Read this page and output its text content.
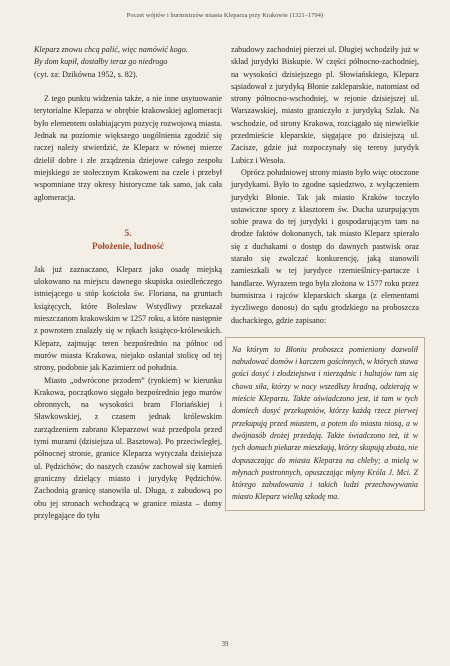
Poczet wójtów i burmistrzów miasta Kleparza przy Krakowie (1321–1794)

Kleparz znowu chcą palić, więc namówić kogo.

By dom kupił, dostałby teraz go niedrogo

(cyt. za: Dzikówna 1952, s. 82).

Z tego punktu widzenia także, a nie inne usytuowanie terytorialne Kleparza w obrębie krakowskiej aglomeracji było elementem osłabiającym pozycję rozwojową miasta. Jednak na poziomie większego uogólnienia zgodzić się raczej należy stwierdzić, że Kleparz w równej mierze dzielił dobre i złe zrządzenia dziejowe całego zespołu miejskiego ze stołecznym Krakowem na czele i przebył wspomniane trzy okresy historyczne tak samo, jak cała aglomeracja.

5.
Położenie, ludność

Jak już zaznaczano, Kleparz jako osadę miejską ulokowano na miejscu dawnego skupiska osiedleńczego istniejącego u stóp kościoła św. Floriana, na gruntach książęcych, które Bolesław Wstydliwy przekazał mieszczanom krakowskim w 1257 roku, a które następnie z powrotem znalazły się w rękach książęco-królewskich. Kleparz, zajmując teren bezpośrednio na północ od murów miasta Krakowa, niejako osłaniał stolicę od tej strony, podobnie jak Kazimierz od południa.

Miasto „odwrócone przodem” (rynkiem) w kierunku Krakowa, początkowo sięgało bezpośrednio jego murów obronnych, na wysokości bram Floriańskiej i Sławkowskiej, z czasem jednak królewskim zarządzeniem zabrano Kleparzowi waż przedpola przed tymi murami (dzisiejsza ul. Basztowa). Po przeciwległej, północnej stronie, granice Kleparza wytyczała dzisiejsza ul. Pędzichów; do naszych czasów zachował się kamień graniczny dzielący miasto i jurydykę Pędzichów. Zachodnią granicę stanowiła ul. Długa, z zabudową po obu jej stronach wchodzącą w granice miasta – domy przylegające do tyłu

zabudowy zachodniej pierzei ul. Długiej wchodziły już w skład jurydyki Biskupie. W części północno-zachodniej, na wysokości dzisiejszego pl. Słowiańskiego, Kleparz sąsiadował z jurydyką Błonie zakleparskie, natomiast od strony północno-wschodniej, w rejonie dzisiejszej ul. Warszawskiej, miasto graniczyło z jurydyką Szlak. Na wschodzie, od strony Krakowa, rozciągało się niewielkie przedmieście kleparskie, sięgające po dzisiejszą ul. Zacisze, gdzie już rozpoczynały się tereny jurydyk Lubicz i Wesoła.

Oprócz południowej strony miasto było więc otoczone jurydykami. Było to zgodne sąsiedztwo, z wyłączeniem jurydyki Błonie. Tak jak miasto Kraków toczyło ustawiczne spory z klasztorem św. Ducha uzurpującym sobie prawa do tej jurydyki i gospodarującym tam na drodze faktów dokonanych, tak miasto Kleparz spierało się z duchakami o dostęp do dawnych pastwisk oraz starało się zwalczać konkurencję, jaką stanowili zamieszkali w tej jurydyce rzemieślnicy-partacze i handlarze. Wyrazem tego była złożona w 1577 roku przez burmistrza i rajców kleparskich skarga (z elementami życzliwego donosu) do sądu grodzkiego na proboszcza duchackiego, gdzie zapisano:

Na którym to Błoniu proboszcz pomieniony dozwolił nabudować domów i karczem gościnnych, w których stawa gości dosyć i złodziejstwa i nierządnic i hultajów tam się chowa siła, którzy w nocy wszedłszy kradną, odzierają w mieście Kleparzu. Także oświadczono jest, iż tam w tych domiech dosyć przekupniów, którzy każdą rzecz pierwej przekupują przed miastem, a potem do miasta niosą, a w dwójnasób drożej przedają. Także świadczono też, iż w tych domach piekarze mieszkają, którzy skupują zboża, nie dopuszczając do miasta Kleparza na chleby; a mielą w młynach postronnych, opuszczając młyny Króla J. Mci. Z którego zabudowania i takich ludzi przechowywania miasto Kleparz wielką szkodę ma.

39
